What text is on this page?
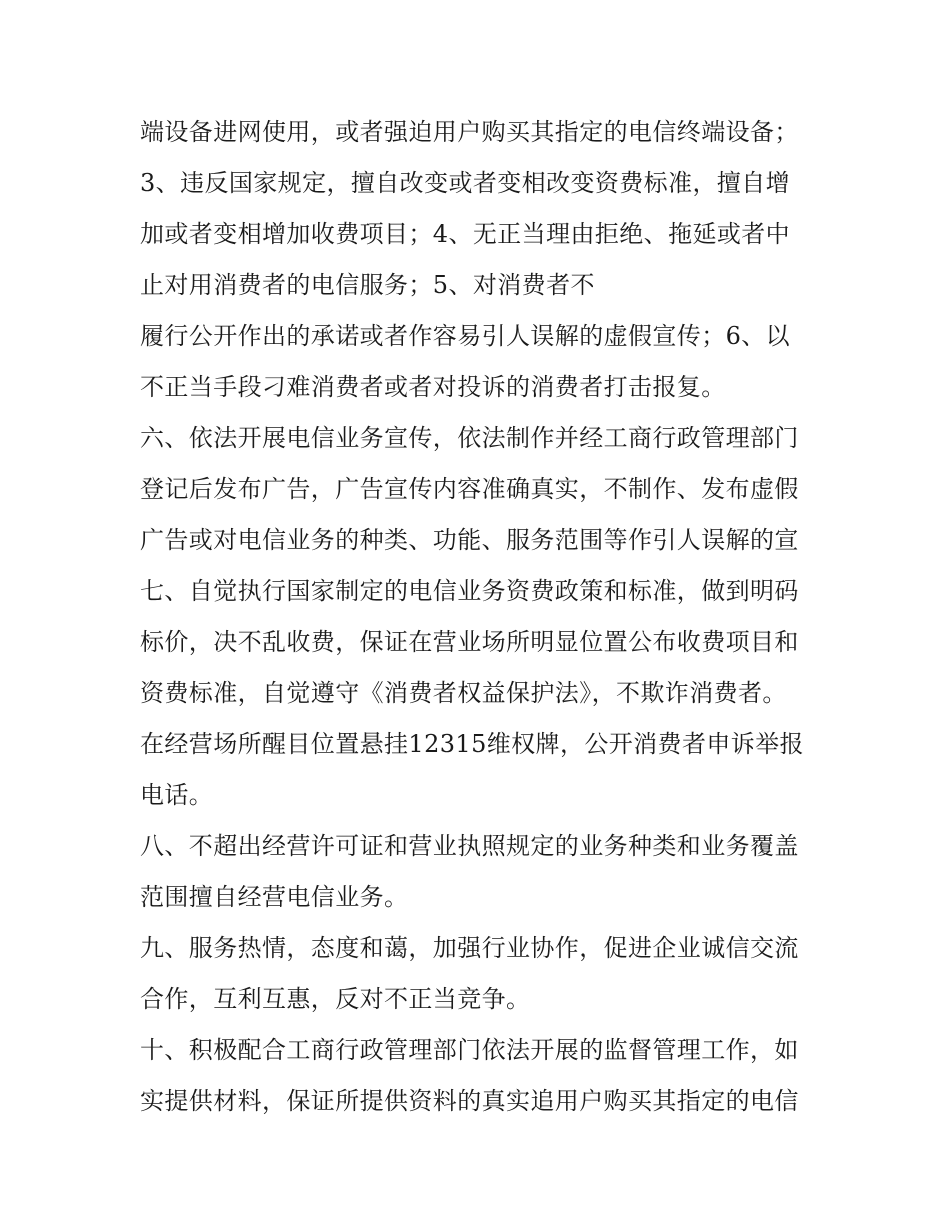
端设备进网使用，或者强迫用户购买其指定的电信终端设备；
3、违反国家规定，擅自改变或者变相改变资费标准，擅自增
加或者变相增加收费项目；4、无正当理由拒绝、拖延或者中
止对用消费者的电信服务；5、对消费者不
履行公开作出的承诺或者作容易引人误解的虚假宣传；6、以
不正当手段刁难消费者或者对投诉的消费者打击报复。
六、依法开展电信业务宣传，依法制作并经工商行政管理部门
登记后发布广告，广告宣传内容准确真实，不制作、发布虚假
广告或对电信业务的种类、功能、服务范围等作引人误解的宣
七、自觉执行国家制定的电信业务资费政策和标准，做到明码
标价，决不乱收费，保证在营业场所明显位置公布收费项目和
资费标准，自觉遵守《消费者权益保护法》，不欺诈消费者。
在经营场所醒目位置悬挂12315维权牌，公开消费者申诉举报
电话。
八、不超出经营许可证和营业执照规定的业务种类和业务覆盖
范围擅自经营电信业务。
九、服务热情，态度和蔼，加强行业协作，促进企业诚信交流
合作，互利互惠，反对不正当竞争。
十、积极配合工商行政管理部门依法开展的监督管理工作，如
实提供材料，保证所提供资料的真实追用户购买其指定的电信
